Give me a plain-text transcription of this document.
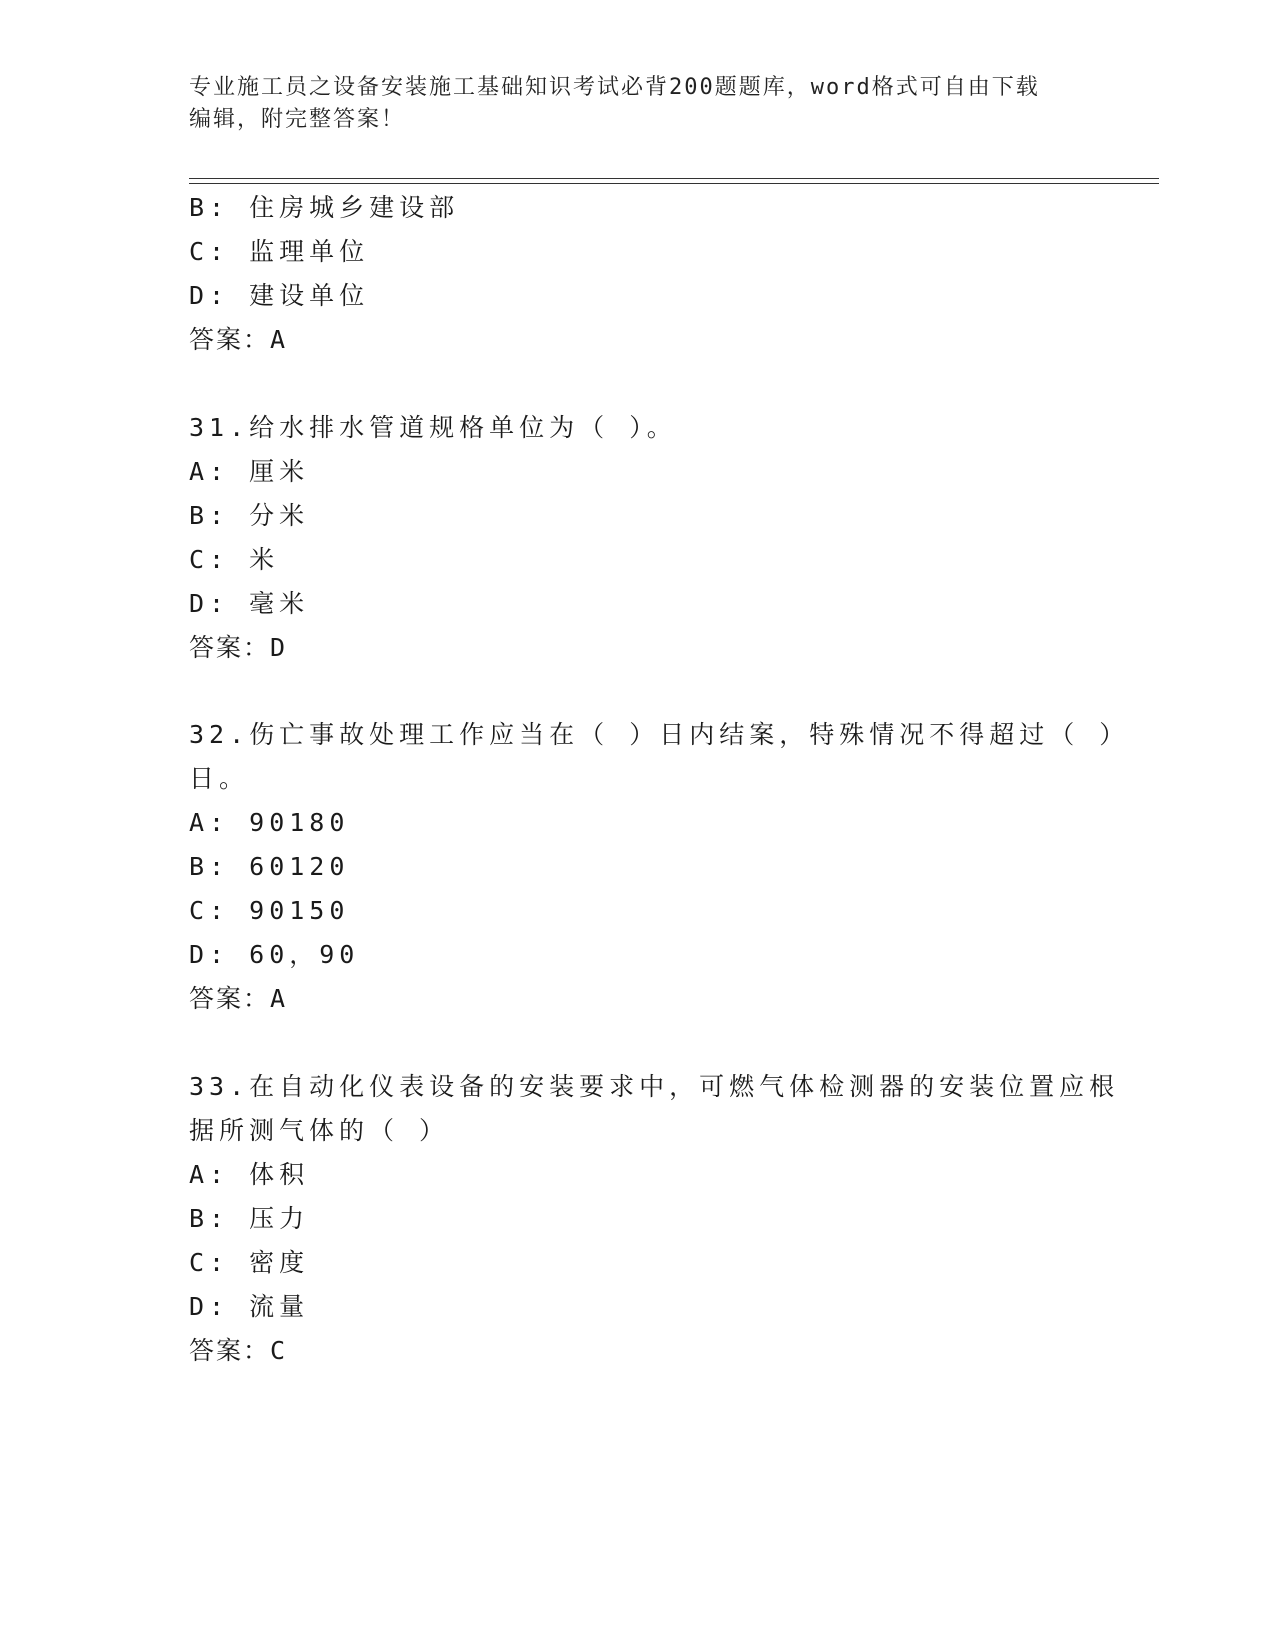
专业施工员之设备安装施工基础知识考试必背200题题库，word格式可自由下载
编辑，附完整答案！
B: 住房城乡建设部
C: 监理单位
D: 建设单位
答案：A
31.给水排水管道规格单位为（ ）。
A: 厘米
B: 分米
C: 米
D: 毫米
答案：D
32.伤亡事故处理工作应当在（ ）日内结案，特殊情况不得超过（ ）
日。
A: 90180
B: 60120
C: 90150
D: 60，90
答案：A
33.在自动化仪表设备的安装要求中，可燃气体检测器的安装位置应根
据所测气体的（ ）
A: 体积
B: 压力
C: 密度
D: 流量
答案：C
